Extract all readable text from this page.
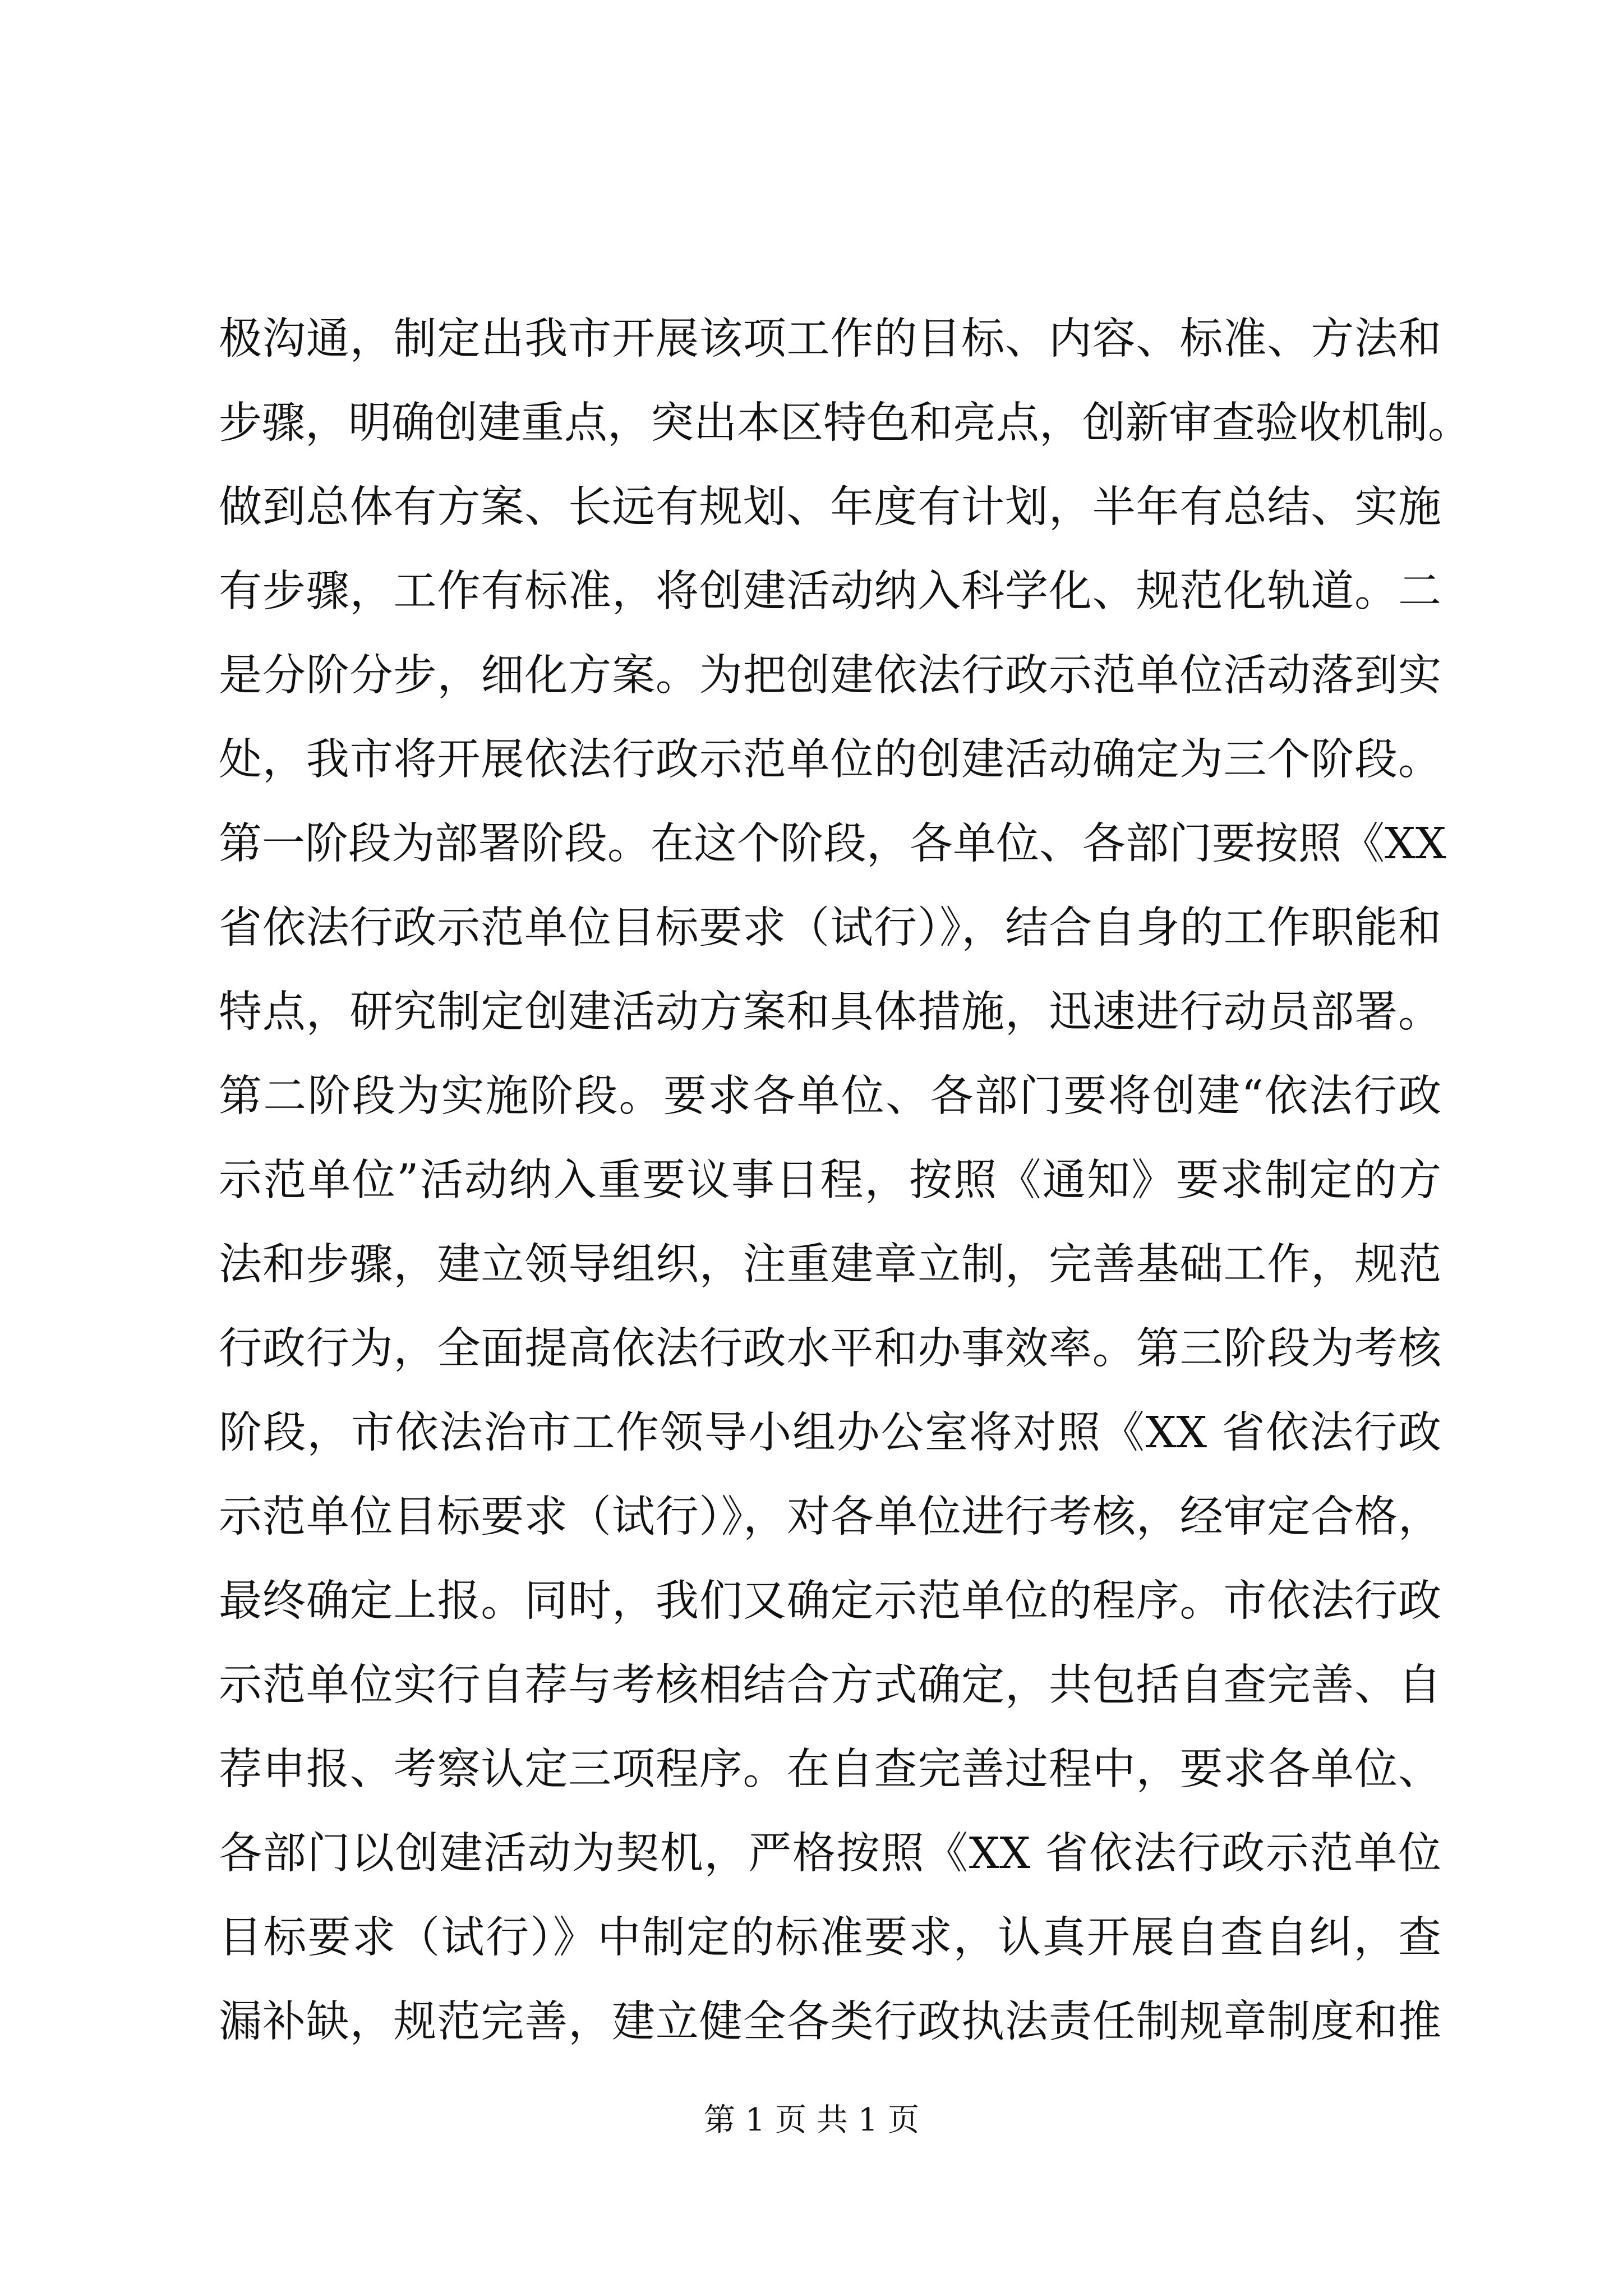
极沟通，制定出我市开展该项工作的目标、内容、标准、方法和
步骤，明确创建重点，突出本区特色和亮点，创新审查验收机制。
做到总体有方案、长远有规划、年度有计划，半年有总结、实施
有步骤，工作有标准，将创建活动纳入科学化、规范化轨道。二
是分阶分步，细化方案。为把创建依法行政示范单位活动落到实
处，我市将开展依法行政示范单位的创建活动确定为三个阶段。
第一阶段为部署阶段。在这个阶段，各单位、各部门要按照《XX
省依法行政示范单位目标要求（试行）》，结合自身的工作职能和
特点，研究制定创建活动方案和具体措施，迅速进行动员部署。
第二阶段为实施阶段。要求各单位、各部门要将创建“依法行政
示范单位”活动纳入重要议事日程，按照《通知》要求制定的方
法和步骤，建立领导组织，注重建章立制，完善基础工作，规范
行政行为，全面提高依法行政水平和办事效率。第三阶段为考核
阶段，市依法治市工作领导小组办公室将对照《XX 省依法行政
示范单位目标要求（试行）》，对各单位进行考核，经审定合格，
最终确定上报。同时，我们又确定示范单位的程序。市依法行政
示范单位实行自荐与考核相结合方式确定，共包括自查完善、自
荐申报、考察认定三项程序。在自查完善过程中，要求各单位、
各部门以创建活动为契机，严格按照《XX 省依法行政示范单位
目标要求（试行）》中制定的标准要求，认真开展自查自纠，查
漏补缺，规范完善，建立健全各类行政执法责任制规章制度和推
第 1 页 共 1 页
